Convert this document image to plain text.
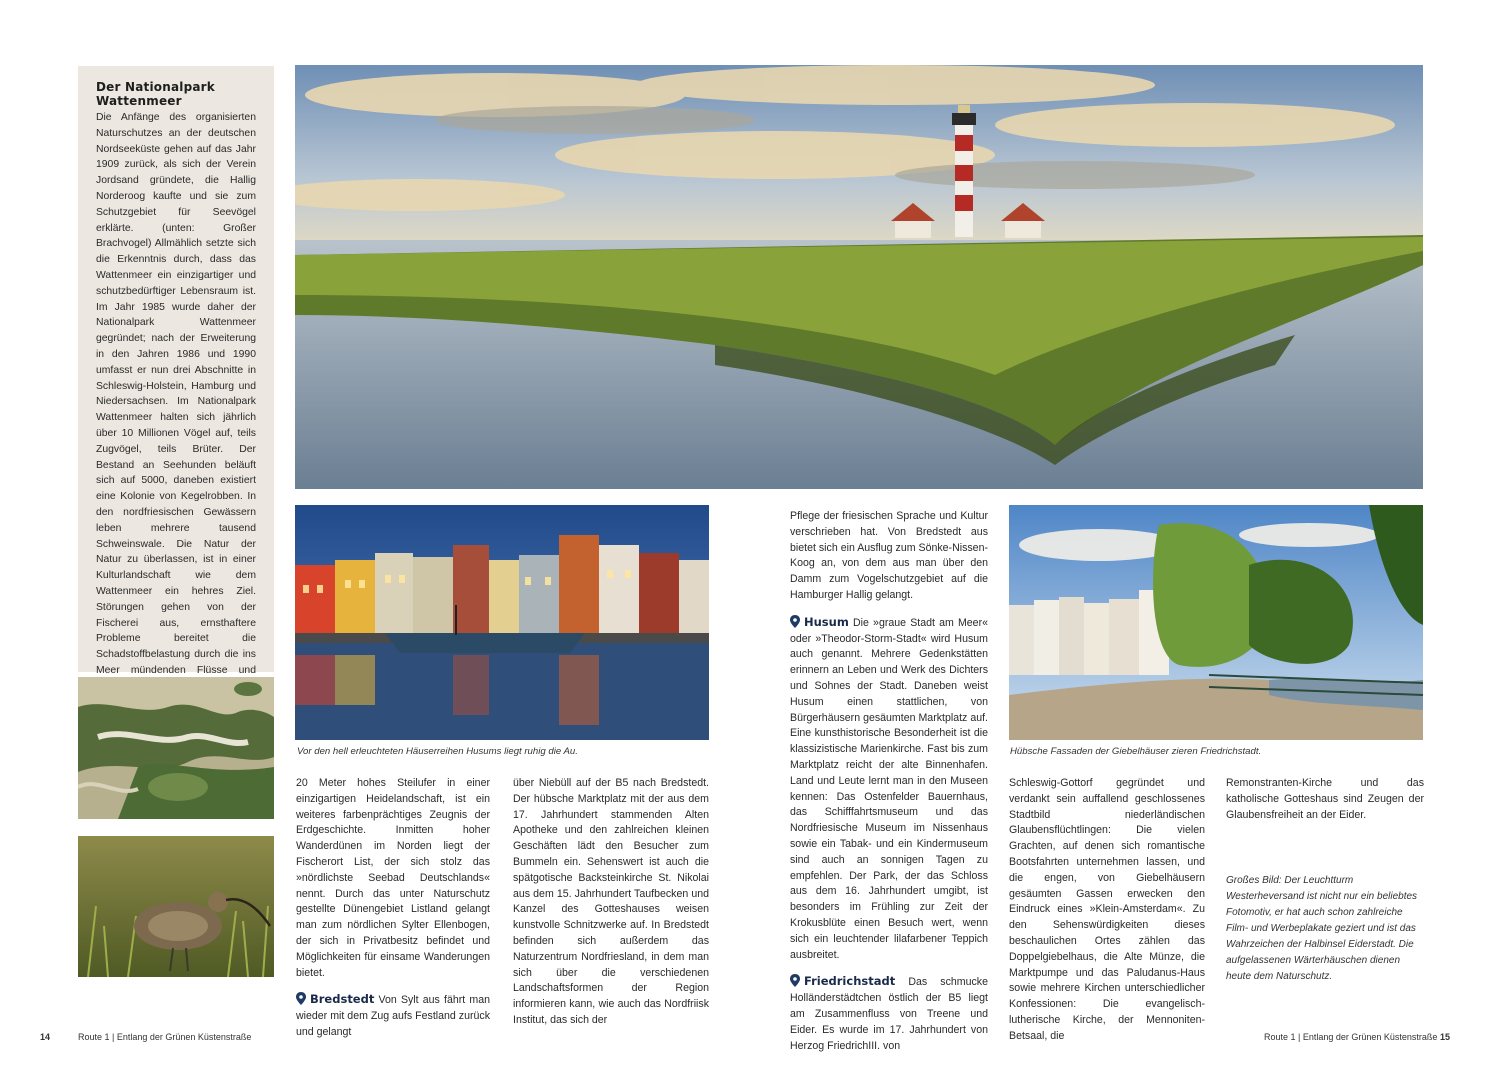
Der Nationalpark Wattenmeer
Die Anfänge des organisierten Naturschutzes an der deutschen Nordseeküste gehen auf das Jahr 1909 zurück, als sich der Verein Jordsand gründete, die Hallig Norderoog kaufte und sie zum Schutzgebiet für Seevögel erklärte. (unten: Großer Brachvogel) Allmählich setzte sich die Erkenntnis durch, dass das Wattenmeer ein einzigartiger und schutzbedürftiger Lebensraum ist. Im Jahr 1985 wurde daher der Nationalpark Wattenmeer gegründet; nach der Erweiterung in den Jahren 1986 und 1990 umfasst er nun drei Abschnitte in Schleswig-Holstein, Hamburg und Niedersachsen. Im Nationalpark Wattenmeer halten sich jährlich über 10 Millionen Vögel auf, teils Zugvögel, teils Brüter. Der Bestand an Seehunden beläuft sich auf 5000, daneben existiert eine Kolonie von Kegelrobben. In den nordfriesischen Gewässern leben mehrere tausend Schweinswale. Die Natur der Natur zu überlassen, ist in einer Kulturlandschaft wie dem Wattenmeer ein hehres Ziel. Störungen gehen von der Fischerei aus, ernsthaftere Probleme bereitet die Schadstoffbelastung durch die ins Meer mündenden Flüsse und
Vor den hell erleuchteten Häuserreihen Husums liegt ruhig die Au.	Hübsche Fassaden der Giebelhäuser zieren Friedrichstadt.
20 Meter hohes Steilufer in einer einzigartigen Heidelandschaft, ist ein weiteres farbenprächtiges Zeugnis der Erdgeschichte. Inmitten hoher Wanderdünen im Norden liegt der Fischerort List, der sich stolz das »nördlichste Seebad Deutschlands« nennt. Durch das unter Naturschutz gestellte Dünengebiet Listland gelangt man zum nördlichen Sylter Ellenbogen, der sich in Privatbesitz befindet und Möglichkeiten für einsame Wanderungen bietet.
Bredstedt Von Sylt aus fährt man wieder mit dem Zug aufs Festland zurück und gelangt
über Niebüll auf der B5 nach Bredstedt. Der hübsche Marktplatz mit der aus dem 17. Jahrhundert stammenden Alten Apotheke und den zahlreichen kleinen Geschäften lädt den Besucher zum Bummeln ein. Sehenswert ist auch die spätgotische Backsteinkirche St. Nikolai aus dem 15. Jahrhundert Taufbecken und Kanzel des Gotteshauses weisen kunstvolle Schnitzwerke auf. In Bredstedt befinden sich außerdem das Naturzentrum Nordfriesland, in dem man sich über die verschiedenen Landschaftsformen der Region informieren kann, wie auch das Nordfriisk Institut, das sich der
Pflege der friesischen Sprache und Kultur verschrieben hat. Von Bredstedt aus bietet sich ein Ausflug zum Sönke-Nissen-Koog an, von dem aus man über den Damm zum Vogelschutzgebiet auf die Hamburger Hallig gelangt.
Husum Die »graue Stadt am Meer« oder »Theodor-Storm-Stadt« wird Husum auch genannt. Mehrere Gedenkstätten erinnern an Leben und Werk des Dichters und Sohnes der Stadt. Daneben weist Husum einen stattlichen, von Bürgerhäusern gesäumten Marktplatz auf. Eine kunsthistorische Besonderheit ist die klassizistische Marienkirche. Fast bis zum Marktplatz reicht der alte Binnenhafen. Land und Leute lernt man in den Museen kennen: Das Ostenfelder Bauernhaus, das Schifffahrtsmuseum und das Nordfriesische Museum im Nissenhaus sowie ein Tabak- und ein Kindermuseum sind auch an sonnigen Tagen zu empfehlen. Der Park, der das Schloss aus dem 16. Jahrhundert umgibt, ist besonders im Frühling zur Zeit der Krokusblüte einen Besuch wert, wenn sich ein leuchtender lilafarbener Teppich ausbreitet.
Friedrichstadt Das schmucke Holländerstädtchen östlich der B5 liegt am Zusammenfluss von Treene und Eider. Es wurde im 17. Jahrhundert von Herzog FriedrichIII. von
Schleswig-Gottorf gegründet und verdankt sein auffallend geschlossenes Stadtbild niederländischen Glaubensflüchtlingen: Die vielen Grachten, auf denen sich romantische Bootsfahrten unternehmen lassen, und die engen, von Giebelhäusern gesäumten Gassen erwecken den Eindruck eines »Klein-Amsterdam«. Zu den Sehenswürdigkeiten dieses beschaulichen Ortes zählen das Doppelgiebelhaus, die Alte Münze, die Marktpumpe und das Paludanus-Haus sowie mehrere Kirchen unterschiedlicher Konfessionen: Die evangelisch-lutherische Kirche, der Mennoniten-Betsaal, die
Remonstranten-Kirche und das katholische Gotteshaus sind Zeugen der Glaubensfreiheit an der Eider.
Großes Bild: Der Leuchtturm Westerheversand ist nicht nur ein beliebtes Fotomotiv, er hat auch schon zahlreiche Film- und Werbeplakate geziert und ist das Wahrzeichen der Halbinsel Eiderstadt. Die aufgelassenen Wärterhäuschen dienen heute dem Naturschutz.
14	Route 1 | Entlang der Grünen Küstenstraße	Route 1 | Entlang der Grünen Küstenstraße 15
